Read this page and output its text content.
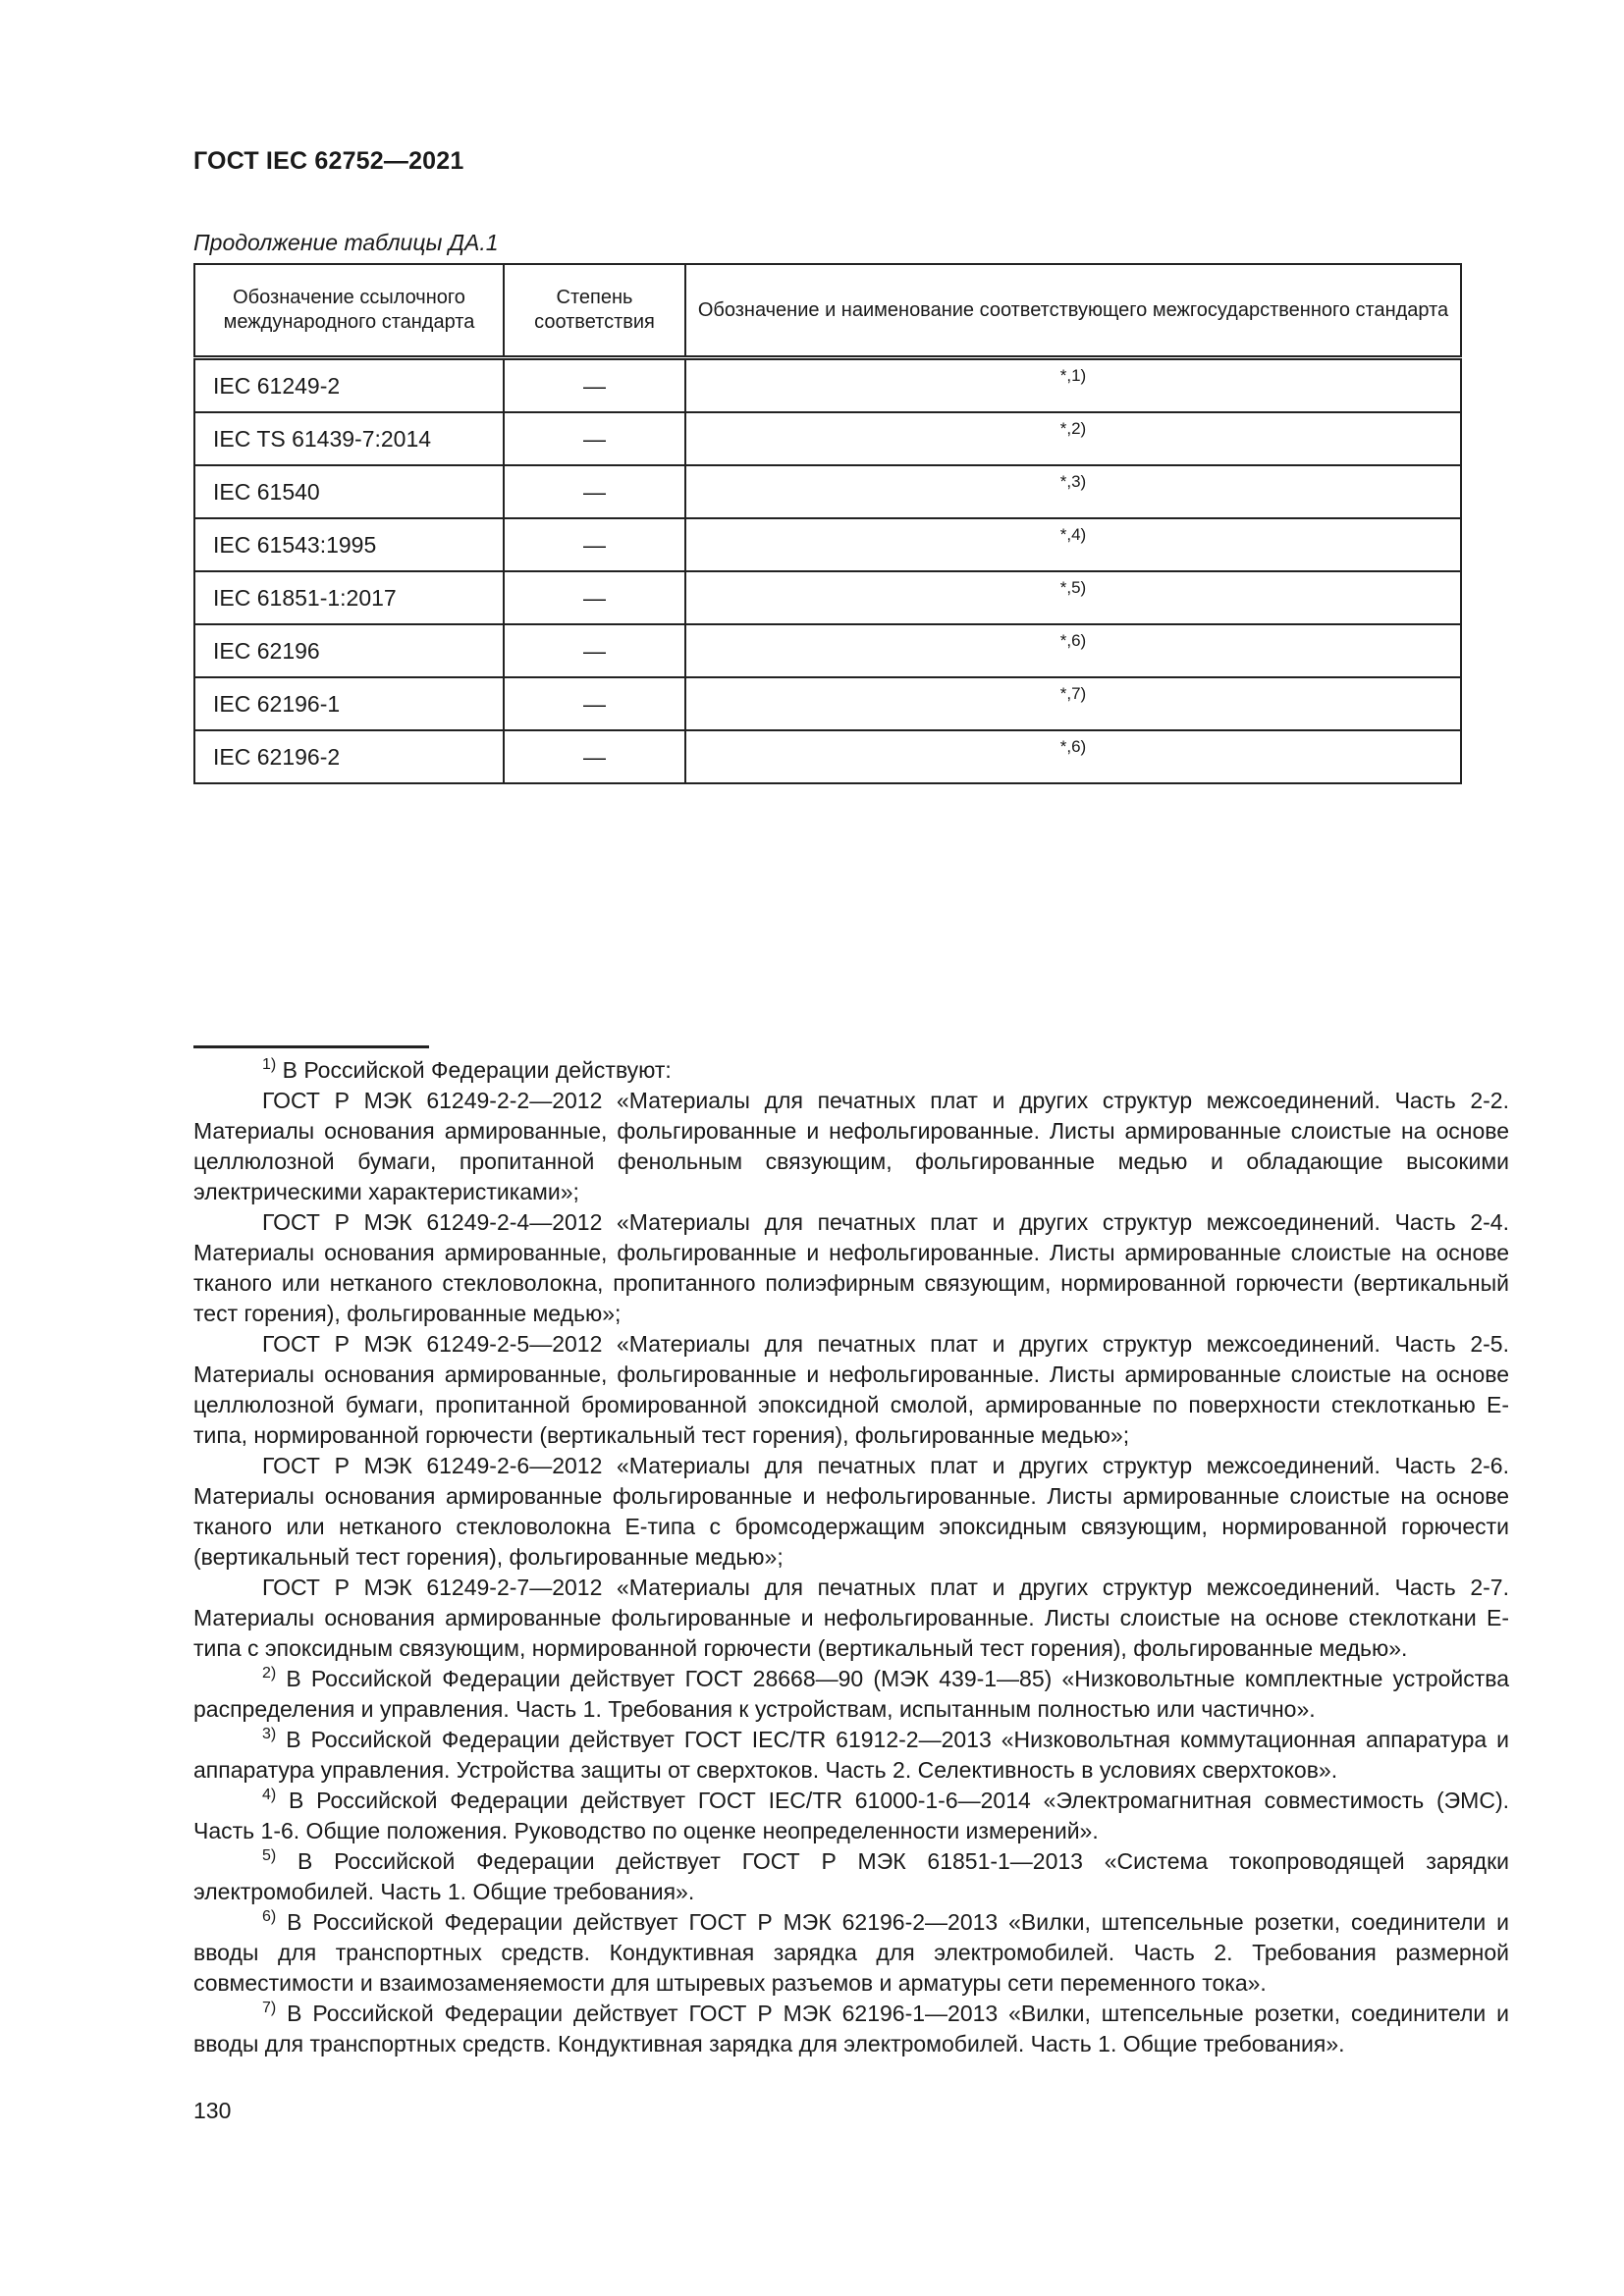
ГОСТ IEC 62752—2021
Продолжение таблицы ДА.1
Обозначение ссылочного международного стандарта	Степень соответствия	Обозначение и наименование соответствующего межгосударственного стандарта
IEC 61249-2	—	*,1)
IEC TS 61439-7:2014	—	*,2)
IEC 61540	—	*,3)
IEC 61543:1995	—	*,4)
IEC 61851-1:2017	—	*,5)
IEC 62196	—	*,6)
IEC 62196-1	—	*,7)
IEC 62196-2	—	*,6)

$^{1)}$ В Российской Федерации действуют:

ГОСТ Р МЭК 61249-2-2—2012 «Материалы для печатных плат и других структур межсоединений. Часть 2-2. Материалы основания армированные, фольгированные и нефольгированные. Листы армированные слоистые на основе целлюлозной бумаги, пропитанной фенольным связующим, фольгированные медью и обладающие высокими электрическими характеристиками»;

ГОСТ Р МЭК 61249-2-4—2012 «Материалы для печатных плат и других структур межсоединений. Часть 2-4. Материалы основания армированные, фольгированные и нефольгированные. Листы армированные слоистые на основе тканого или нетканого стекловолокна, пропитанного полиэфирным связующим, нормированной горючести (вертикальный тест горения), фольгированные медью»;

ГОСТ Р МЭК 61249-2-5—2012 «Материалы для печатных плат и других структур межсоединений. Часть 2-5. Материалы основания армированные, фольгированные и нефольгированные. Листы армированные слоистые на основе целлюлозной бумаги, пропитанной бромированной эпоксидной смолой, армированные по поверхности стеклотканью Е-типа, нормированной горючести (вертикальный тест горения), фольгированные медью»;

ГОСТ Р МЭК 61249-2-6—2012 «Материалы для печатных плат и других структур межсоединений. Часть 2-6. Материалы основания армированные фольгированные и нефольгированные. Листы армированные слоистые на основе тканого или нетканого стекловолокна Е-типа с бромсодержащим эпоксидным связующим, нормированной горючести (вертикальный тест горения), фольгированные медью»;

ГОСТ Р МЭК 61249-2-7—2012 «Материалы для печатных плат и других структур межсоединений. Часть 2-7. Материалы основания армированные фольгированные и нефольгированные. Листы слоистые на основе стеклоткани Е-типа с эпоксидным связующим, нормированной горючести (вертикальный тест горения), фольгированные медью».

$^{2)}$ В Российской Федерации действует ГОСТ 28668—90 (МЭК 439-1—85) «Низковольтные комплектные устройства распределения и управления. Часть 1. Требования к устройствам, испытанным полностью или частично».

$^{3)}$ В Российской Федерации действует ГОСТ IEC/TR 61912-2—2013 «Низковольтная коммутационная аппаратура и аппаратура управления. Устройства защиты от сверхтоков. Часть 2. Селективность в условиях сверхтоков».

$^{4)}$ В Российской Федерации действует ГОСТ IEC/TR 61000-1-6—2014 «Электромагнитная совместимость (ЭМС). Часть 1-6. Общие положения. Руководство по оценке неопределенности измерений».

$^{5)}$ В Российской Федерации действует ГОСТ Р МЭК 61851-1—2013 «Система токопроводящей зарядки электромобилей. Часть 1. Общие требования».

$^{6)}$ В Российской Федерации действует ГОСТ Р МЭК 62196-2—2013 «Вилки, штепсельные розетки, соединители и вводы для транспортных средств. Кондуктивная зарядка для электромобилей. Часть 2. Требования размерной совместимости и взаимозаменяемости для штыревых разъемов и арматуры сети переменного тока».

$^{7)}$ В Российской Федерации действует ГОСТ Р МЭК 62196-1—2013 «Вилки, штепсельные розетки, соединители и вводы для транспортных средств. Кондуктивная зарядка для электромобилей. Часть 1. Общие требования».

130
